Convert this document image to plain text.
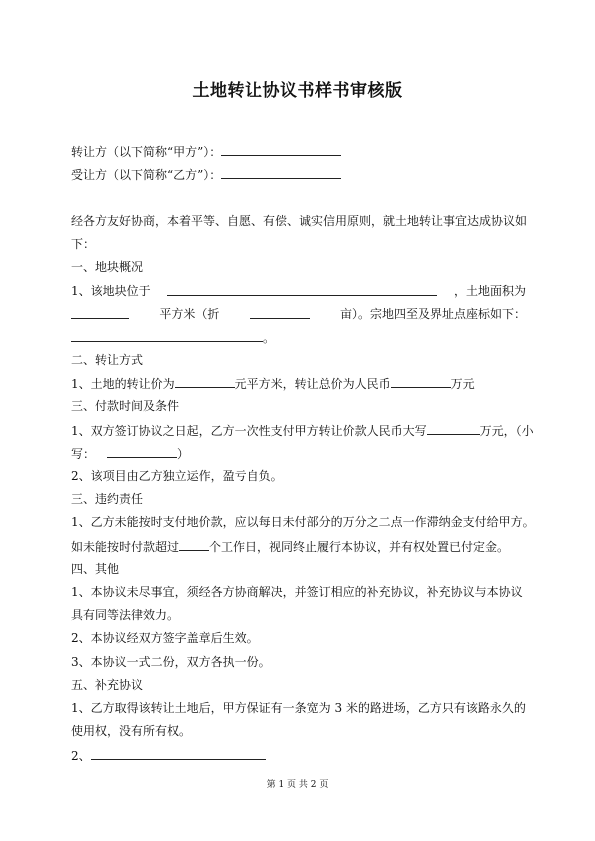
土地转让协议书样书审核版
转让方（以下简称“甲方”）：
受让方（以下简称“乙方”）：
经各方友好协商，本着平等、自愿、有偿、诚实信用原则，就土地转让事宜达成协议如
下：
一、地块概况
1、该地块位于	，土地面积为
平方米（折	亩）。宗地四至及界址点座标如下：
。
二、转让方式
1、土地的转让价为	元平方米，转让总价为人民币	万元
三、付款时间及条件
1、双方签订协议之日起，乙方一次性支付甲方转让价款人民币大写	万元，（小
写：	）
2、该项目由乙方独立运作，盈亏自负。
三、违约责任
1、乙方未能按时支付地价款，应以每日未付部分的万分之二点一作滞纳金支付给甲方。
如未能按时付款超过	个工作日，视同终止履行本协议，并有权处置已付定金。
四、其他
1、本协议未尽事宜，须经各方协商解决，并签订相应的补充协议，补充协议与本协议
具有同等法律效力。
2、本协议经双方签字盖章后生效。
3、本协议一式二份，双方各执一份。
五、补充协议
1、乙方取得该转让土地后，甲方保证有一条宽为 3 米的路进场，乙方只有该路永久的
使用权，没有所有权。
2、
第 1 页 共 2 页
